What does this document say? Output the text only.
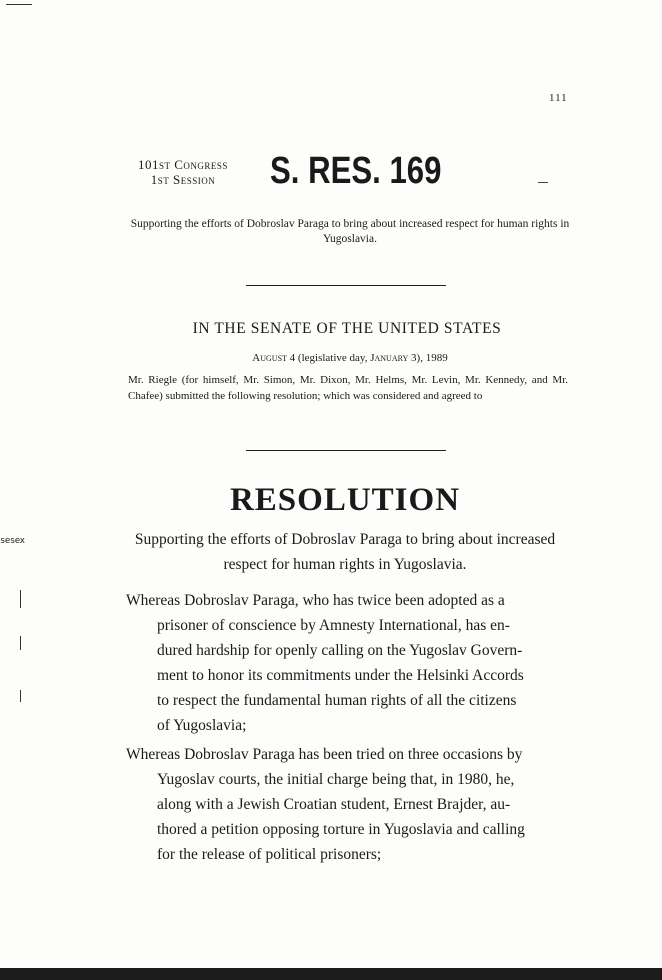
sesex
111
101st Congress
1st Session	S. RES. 169
Supporting the efforts of Dobroslav Paraga to bring about increased respect for human rights in Yugoslavia.
IN THE SENATE OF THE UNITED STATES
August 4 (legislative day, January 3), 1989
Mr. Riegle (for himself, Mr. Simon, Mr. Dixon, Mr. Helms, Mr. Levin, Mr. Kennedy, and Mr. Chafee) submitted the following resolution; which was considered and agreed to
RESOLUTION
Supporting the efforts of Dobroslav Paraga to bring about increased respect for human rights in Yugoslavia.
Whereas Dobroslav Paraga, who has twice been adopted as a
prisoner of conscience by Amnesty International, has en-
dured hardship for openly calling on the Yugoslav Govern-
ment to honor its commitments under the Helsinki Accords
to respect the fundamental human rights of all the citizens
of Yugoslavia;
Whereas Dobroslav Paraga has been tried on three occasions by
Yugoslav courts, the initial charge being that, in 1980, he,
along with a Jewish Croatian student, Ernest Brajder, au-
thored a petition opposing torture in Yugoslavia and calling
for the release of political prisoners;
